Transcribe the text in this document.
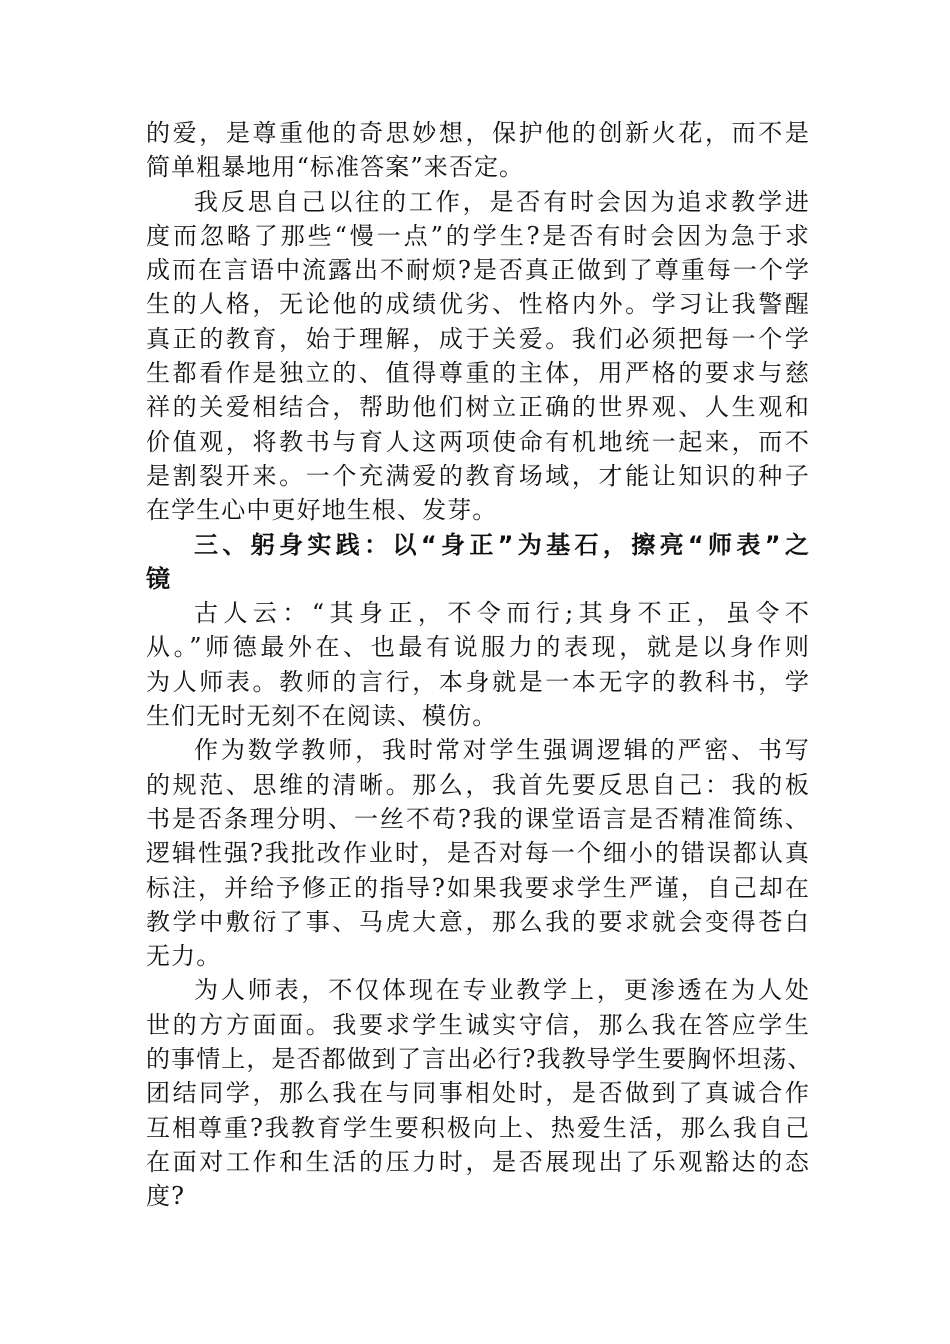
的爱，是尊重他的奇思妙想，保护他的创新火花，而不是
简单粗暴地用“标准答案”来否定。
我反思自己以往的工作，是否有时会因为追求教学进
度而忽略了那些“慢一点”的学生?是否有时会因为急于求
成而在言语中流露出不耐烦?是否真正做到了尊重每一个学
生的人格，无论他的成绩优劣、性格内外。学习让我警醒
真正的教育，始于理解，成于关爱。我们必须把每一个学
生都看作是独立的、值得尊重的主体，用严格的要求与慈
祥的关爱相结合，帮助他们树立正确的世界观、人生观和
价值观，将教书与育人这两项使命有机地统一起来，而不
是割裂开来。一个充满爱的教育场域，才能让知识的种子
在学生心中更好地生根、发芽。
三、躬身实践：以“身正”为基石，擦亮“师表”之
镜
古人云：“其身正，不令而行;其身不正，虽令不
从。”师德最外在、也最有说服力的表现，就是以身作则
为人师表。教师的言行，本身就是一本无字的教科书，学
生们无时无刻不在阅读、模仿。
作为数学教师，我时常对学生强调逻辑的严密、书写
的规范、思维的清晰。那么，我首先要反思自己：我的板
书是否条理分明、一丝不苟?我的课堂语言是否精准简练、
逻辑性强?我批改作业时，是否对每一个细小的错误都认真
标注，并给予修正的指导?如果我要求学生严谨，自己却在
教学中敷衍了事、马虎大意，那么我的要求就会变得苍白
无力。
为人师表，不仅体现在专业教学上，更渗透在为人处
世的方方面面。我要求学生诚实守信，那么我在答应学生
的事情上，是否都做到了言出必行?我教导学生要胸怀坦荡、
团结同学，那么我在与同事相处时，是否做到了真诚合作
互相尊重?我教育学生要积极向上、热爱生活，那么我自己
在面对工作和生活的压力时，是否展现出了乐观豁达的态
度?
